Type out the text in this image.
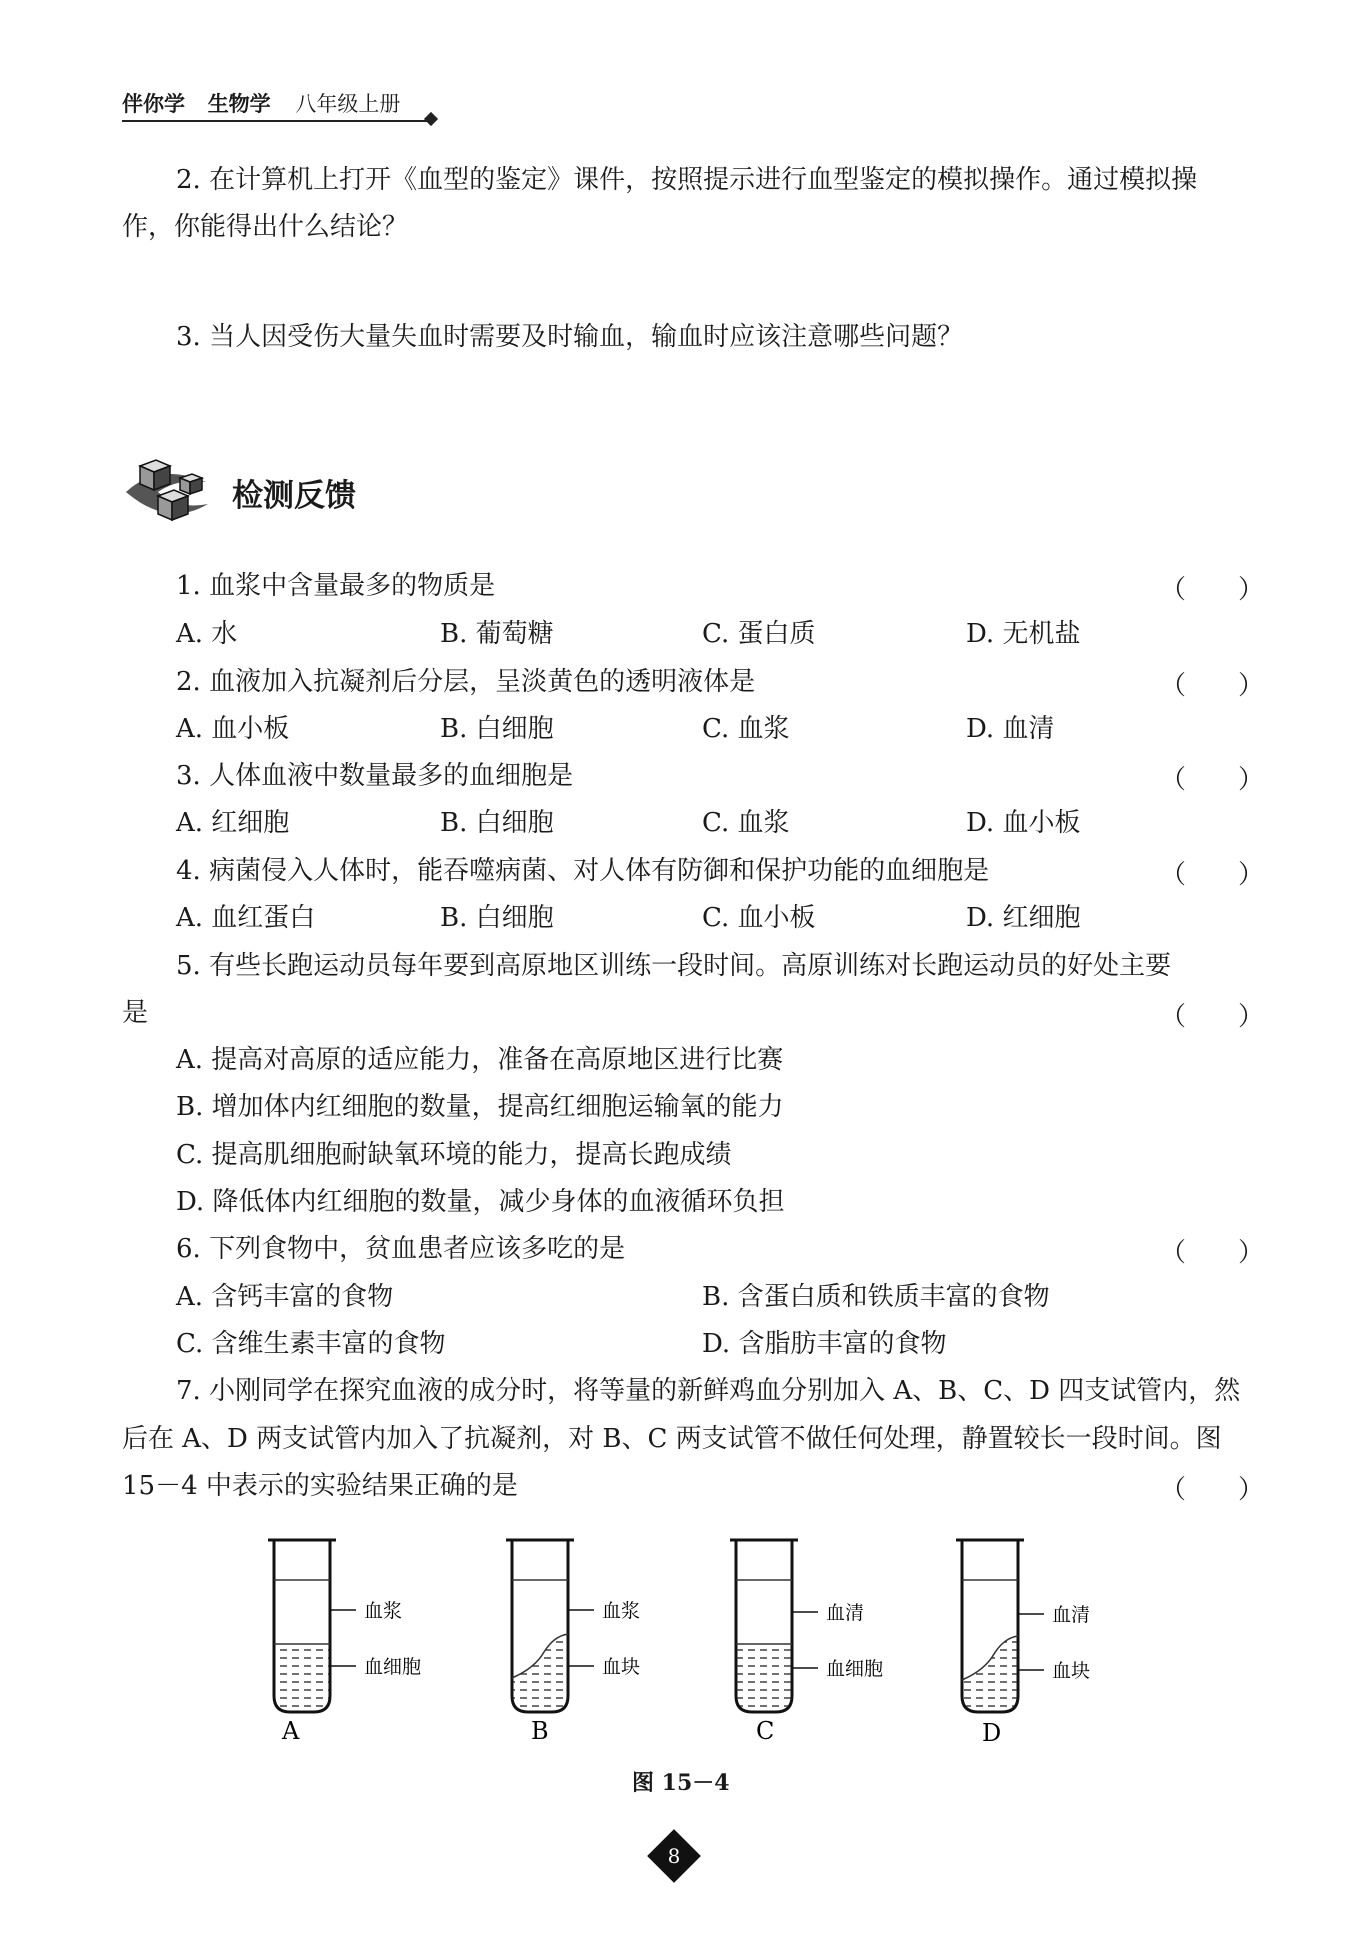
伴你学 生物学 八年级上册
2. 在计算机上打开《血型的鉴定》课件，按照提示进行血型鉴定的模拟操作。通过模拟操
作，你能得出什么结论？
3. 当人因受伤大量失血时需要及时输血，输血时应该注意哪些问题？
检测反馈
1. 血浆中含量最多的物质是	（　　）
A. 水	B. 葡萄糖	C. 蛋白质	D. 无机盐
2. 血液加入抗凝剂后分层，呈淡黄色的透明液体是	（　　）
A. 血小板	B. 白细胞	C. 血浆	D. 血清
3. 人体血液中数量最多的血细胞是	（　　）
A. 红细胞	B. 白细胞	C. 血浆	D. 血小板
4. 病菌侵入人体时，能吞噬病菌、对人体有防御和保护功能的血细胞是	（　　）
A. 血红蛋白	B. 白细胞	C. 血小板	D. 红细胞
5. 有些长跑运动员每年要到高原地区训练一段时间。高原训练对长跑运动员的好处主要
是	（　　）
A. 提高对高原的适应能力，准备在高原地区进行比赛
B. 增加体内红细胞的数量，提高红细胞运输氧的能力
C. 提高肌细胞耐缺氧环境的能力，提高长跑成绩
D. 降低体内红细胞的数量，减少身体的血液循环负担
6. 下列食物中，贫血患者应该多吃的是	（　　）
A. 含钙丰富的食物	B. 含蛋白质和铁质丰富的食物
C. 含维生素丰富的食物	D. 含脂肪丰富的食物
7. 小刚同学在探究血液的成分时，将等量的新鲜鸡血分别加入 A、B、C、D 四支试管内，然
后在 A、D 两支试管内加入了抗凝剂，对 B、C 两支试管不做任何处理，静置较长一段时间。图
15－4 中表示的实验结果正确的是	（　　）
血浆
血细胞
A
血浆
血块
B
血清
血细胞
C
血清
血块
D
图 15－4
8
